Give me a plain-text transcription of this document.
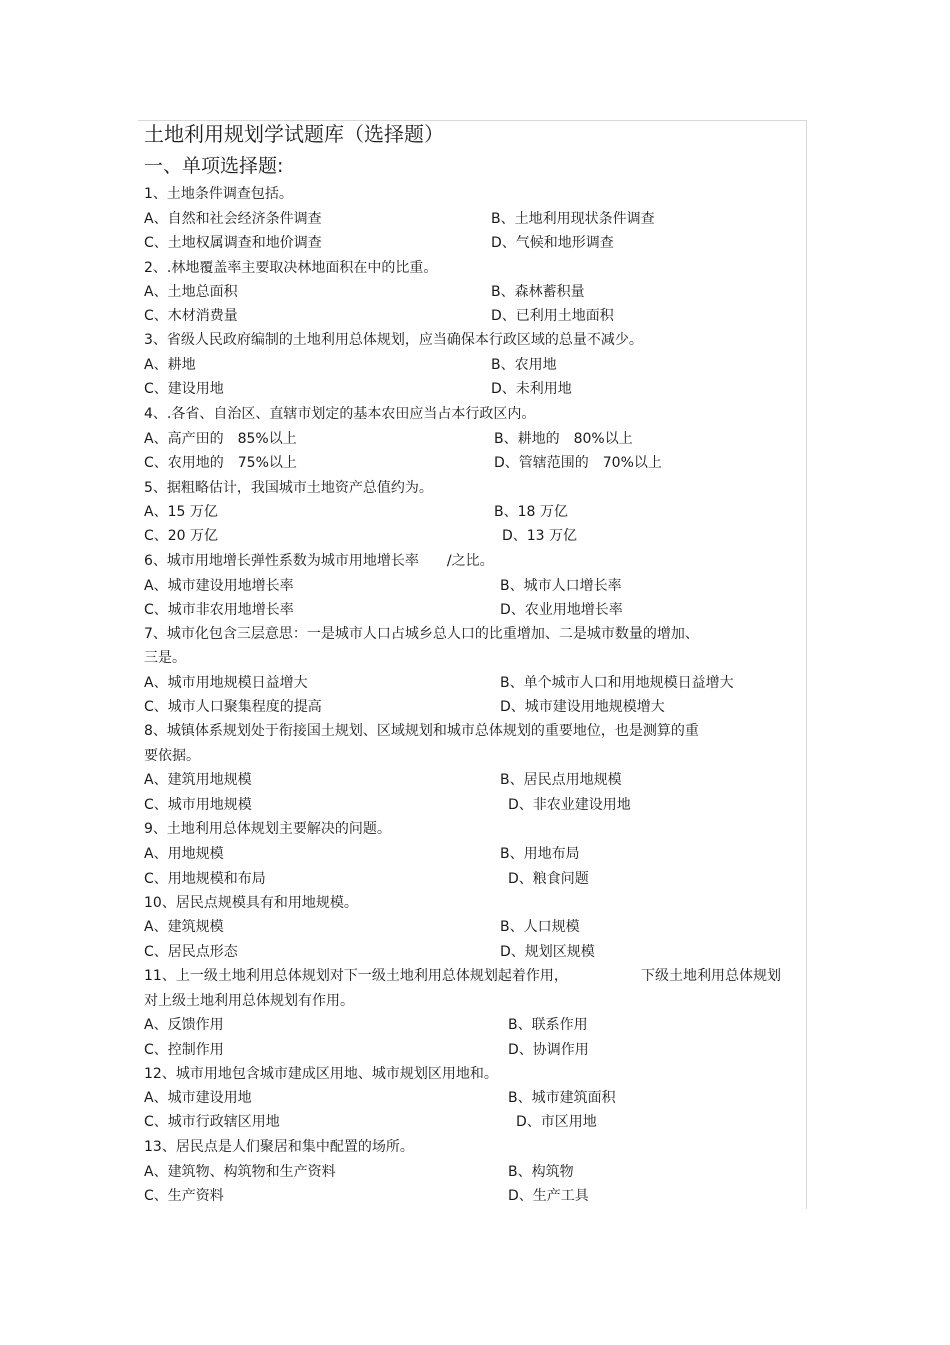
土地利用规划学试题库（选择题）
一、单项选择题:
1、土地条件调查包括。
A、自然和社会经济条件调查	B、土地利用现状条件调查
C、土地权属调查和地价调查	D、气候和地形调查
2、.林地覆盖率主要取决林地面积在中的比重。
A、土地总面积	B、森林蓄积量
C、木材消费量	D、已利用土地面积
3、省级人民政府编制的土地利用总体规划，应当确保本行政区域的总量不减少。
A、耕地	B、农用地
C、建设用地	D、未利用地
4、.各省、自治区、直辖市划定的基本农田应当占本行政区内。
A、高产田的　85%以上	B、耕地的　80%以上
C、农用地的　75%以上	D、管辖范围的　70%以上
5、据粗略估计，我国城市土地资产总值约为。
A、15 万亿	B、18 万亿
C、20 万亿	D、13 万亿
6、城市用地增长弹性系数为城市用地增长率　　/之比。
A、城市建设用地增长率	B、城市人口增长率
C、城市非农用地增长率	D、农业用地增长率
7、城市化包含三层意思：一是城市人口占城乡总人口的比重增加、二是城市数量的增加、
三是。
A、城市用地规模日益增大	B、单个城市人口和用地规模日益增大
C、城市人口聚集程度的提高	D、城市建设用地规模增大
8、城镇体系规划处于衔接国土规划、区域规划和城市总体规划的重要地位，也是测算的重
要依据。
A、建筑用地规模	B、居民点用地规模
C、城市用地规模	D、非农业建设用地
9、土地利用总体规划主要解决的问题。
A、用地规模	B、用地布局
C、用地规模和布局	D、粮食问题
10、居民点规模具有和用地规模。
A、建筑规模	B、人口规模
C、居民点形态	D、规划区规模
11、上一级土地利用总体规划对下一级土地利用总体规划起着作用，	下级土地利用总体规划
对上级土地利用总体规划有作用。
A、反馈作用	B、联系作用
C、控制作用	D、协调作用
12、城市用地包含城市建成区用地、城市规划区用地和。
A、城市建设用地	B、城市建筑面积
C、城市行政辖区用地	D、市区用地
13、居民点是人们聚居和集中配置的场所。
A、建筑物、构筑物和生产资料	B、构筑物
C、生产资料	D、生产工具
